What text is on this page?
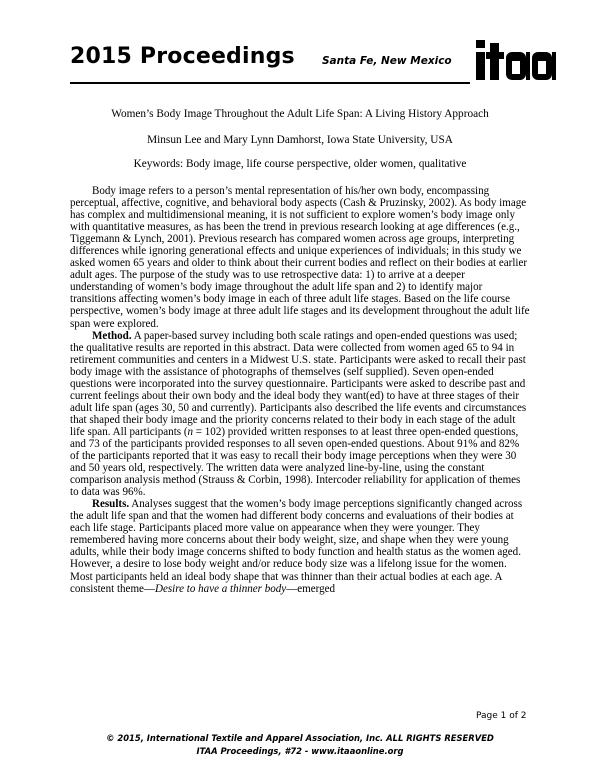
2015 Proceedings	Santa Fe, New Mexico
Women’s Body Image Throughout the Adult Life Span: A Living History Approach
Minsun Lee and Mary Lynn Damhorst, Iowa State University, USA
Keywords: Body image, life course perspective, older women, qualitative

Body image refers to a person’s mental representation of his/her own body, encompassing perceptual, affective, cognitive, and behavioral body aspects (Cash & Pruzinsky, 2002). As body image has complex and multidimensional meaning, it is not sufficient to explore women’s body image only with quantitative measures, as has been the trend in previous research looking at age differences (e.g., Tiggemann & Lynch, 2001). Previous research has compared women across age groups, interpreting differences while ignoring generational effects and unique experiences of individuals; in this study we asked women 65 years and older to think about their current bodies and reflect on their bodies at earlier adult ages. The purpose of the study was to use retrospective data: 1) to arrive at a deeper understanding of women’s body image throughout the adult life span and 2) to identify major transitions affecting women’s body image in each of three adult life stages. Based on the life course perspective, women’s body image at three adult life stages and its development throughout the adult life span were explored.

Method. A paper-based survey including both scale ratings and open-ended questions was used; the qualitative results are reported in this abstract. Data were collected from women aged 65 to 94 in retirement communities and centers in a Midwest U.S. state. Participants were asked to recall their past body image with the assistance of photographs of themselves (self supplied). Seven open-ended questions were incorporated into the survey questionnaire. Participants were asked to describe past and current feelings about their own body and the ideal body they want(ed) to have at three stages of their adult life span (ages 30, 50 and currently). Participants also described the life events and circumstances that shaped their body image and the priority concerns related to their body in each stage of the adult life span. All participants (n = 102) provided written responses to at least three open-ended questions, and 73 of the participants provided responses to all seven open-ended questions. About 91% and 82% of the participants reported that it was easy to recall their body image perceptions when they were 30 and 50 years old, respectively. The written data were analyzed line-by-line, using the constant comparison analysis method (Strauss & Corbin, 1998). Intercoder reliability for application of themes to data was 96%.

Results. Analyses suggest that the women’s body image perceptions significantly changed across the adult life span and that the women had different body concerns and evaluations of their bodies at each life stage. Participants placed more value on appearance when they were younger. They remembered having more concerns about their body weight, size, and shape when they were young adults, while their body image concerns shifted to body function and health status as the women aged. However, a desire to lose body weight and/or reduce body size was a lifelong issue for the women. Most participants held an ideal body shape that was thinner than their actual bodies at each age. A consistent theme—Desire to have a thinner body—emerged

Page 1 of 2
© 2015, International Textile and Apparel Association, Inc. ALL RIGHTS RESERVED
ITAA Proceedings, #72 - www.itaaonline.org
